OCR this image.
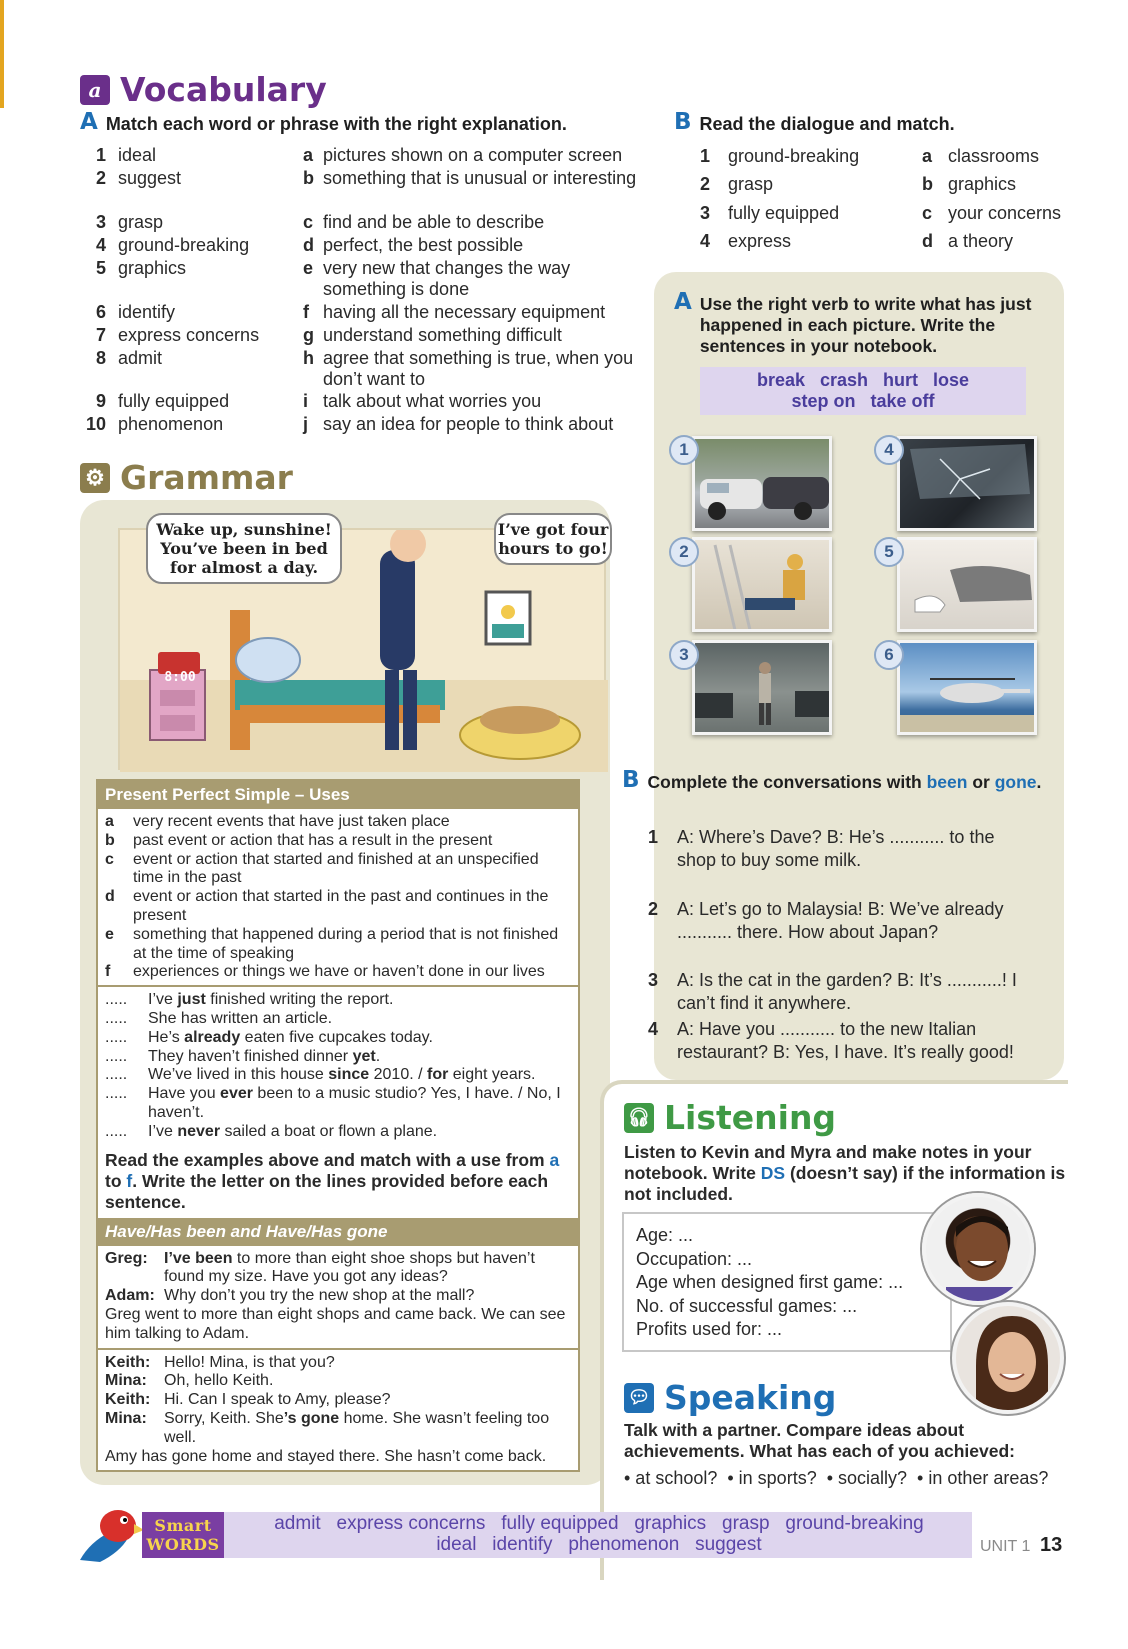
a Vocabulary
A Match each word or phrase with the right explanation.
1 ideal	a pictures shown on a computer screen
2 suggest	b something that is unusual or interesting
3 grasp	c find and be able to describe
4 ground-breaking	d perfect, the best possible
5 graphics	e very new that changes the way something is done
6 identify	f having all the necessary equipment
7 express concerns g understand something difficult
8 admit	h agree that something is true, when you don’t want to
9 fully equipped	i talk about what worries you
10 phenomenon	j say an idea for people to think about
B Read the dialogue and match.
1 ground-breaking	a classrooms
2 grasp	b graphics
3 fully equipped	c your concerns
4 express	d a theory
A Use the right verb to write what has just happened in each picture. Write the sentences in your notebook.
break   crash   hurt   lose
step on   take off
1	4
2	5
3	6
B Complete the conversations with been or gone.
1 A: Where’s Dave? B: He’s ........... to the shop to buy some milk.
2 A: Let’s go to Malaysia! B: We’ve already ........... there. How about Japan?
3 A: Is the cat in the garden? B: It’s ...........! I can’t find it anywhere.
4 A: Have you ........... to the new Italian restaurant? B: Yes, I have. It’s really good!
⚙ Grammar
8:00
Wake up, sunshine! You’ve been in bed for almost a day.
I’ve got four hours to go!
Present Perfect Simple – Uses
a very recent events that have just taken place
b past event or action that has a result in the present
c event or action that started and finished at an unspecified time in the past
d event or action that started in the past and continues in the present
e something that happened during a period that is not finished at the time of speaking
f experiences or things we have or haven’t done in our lives
..... I’ve just finished writing the report.
..... She has written an article.
..... He’s already eaten five cupcakes today.
..... They haven’t finished dinner yet.
..... We’ve lived in this house since 2010. / for eight years.
..... Have you ever been to a music studio? Yes, I have. / No, I haven’t.
..... I’ve never sailed a boat or flown a plane.
Read the examples above and match with a use from a to f. Write the letter on the lines provided before each sentence.
Have/Has been and Have/Has gone
Greg: I’ve been to more than eight shoe shops but haven’t found my size. Have you got any ideas?
Adam: Why don’t you try the new shop at the mall?
Greg went to more than eight shops and came back. We can see him talking to Adam.
Keith: Hello! Mina, is that you?
Mina: Oh, hello Keith.
Keith: Hi. Can I speak to Amy, please?
Mina: Sorry, Keith. She’s gone home. She wasn’t feeling too well.
Amy has gone home and stayed there. She hasn’t come back.
🎧︎ Listening
Listen to Kevin and Myra and make notes in your notebook. Write DS (doesn’t say) if the information is not included.
Age: ...
Occupation: ...
Age when designed first game: ...
No. of successful games: ...
Profits used for: ...
💬︎ Speaking
Talk with a partner. Compare ideas about achievements. What has each of you achieved:
• at school?  • in sports?  • socially?  • in other areas?
Smart
WORDS
admit   express concerns   fully equipped   graphics   grasp   ground-breaking
ideal   identify   phenomenon   suggest	UNIT 1 13
